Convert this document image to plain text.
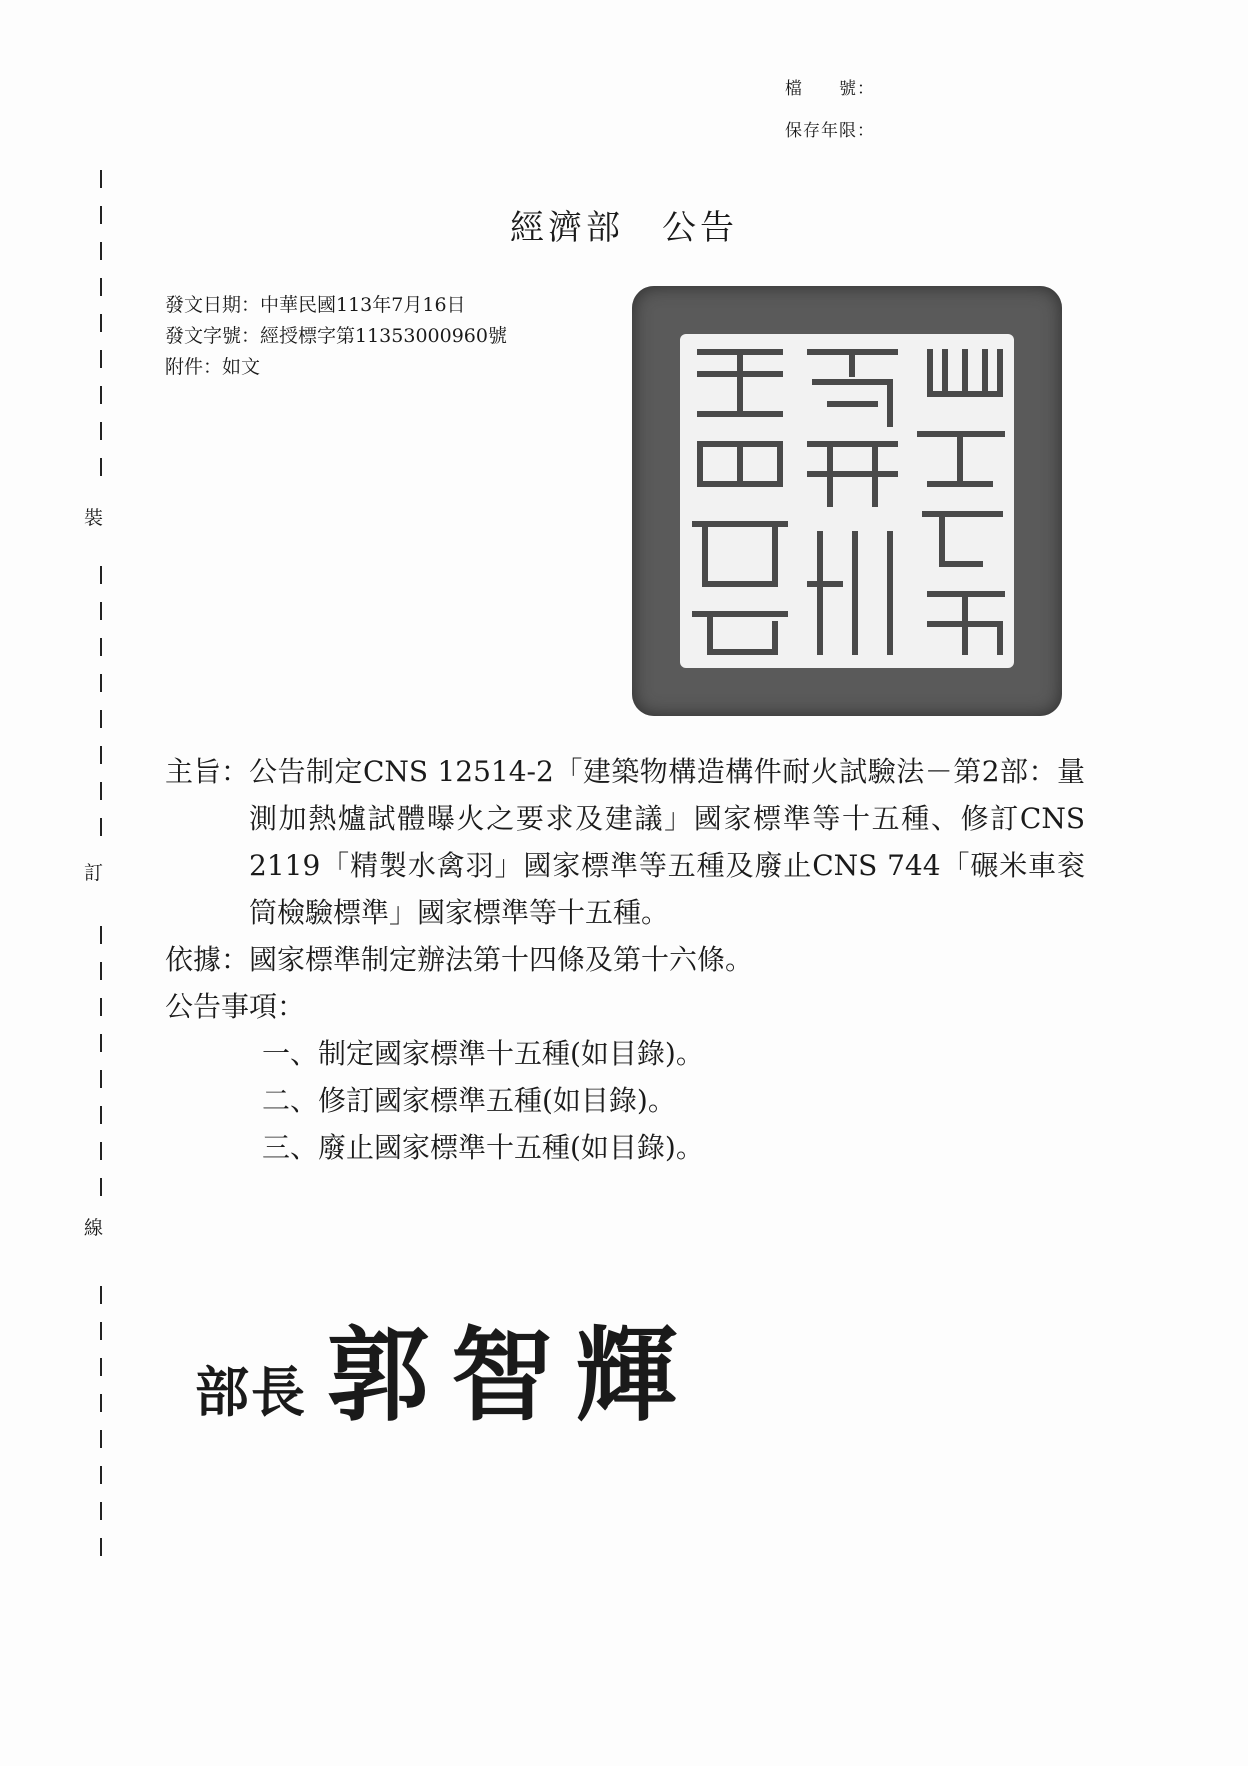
檔　　號：
保存年限：
裝
訂
線
經濟部　公告
發文日期：中華民國113年7月16日
發文字號：經授標字第11353000960號
附件：如文
主旨： 公告制定CNS 12514-2「建築物構造構件耐火試驗法－第2部：量測加熱爐試體曝火之要求及建議」國家標準等十五種、修訂CNS 2119「精製水禽羽」國家標準等五種及廢止CNS 744「碾米車衮筒檢驗標準」國家標準等十五種。
依據： 國家標準制定辦法第十四條及第十六條。
公告事項：
一、制定國家標準十五種(如目錄)。
二、修訂國家標準五種(如目錄)。
三、廢止國家標準十五種(如目錄)。
部長 郭智輝
